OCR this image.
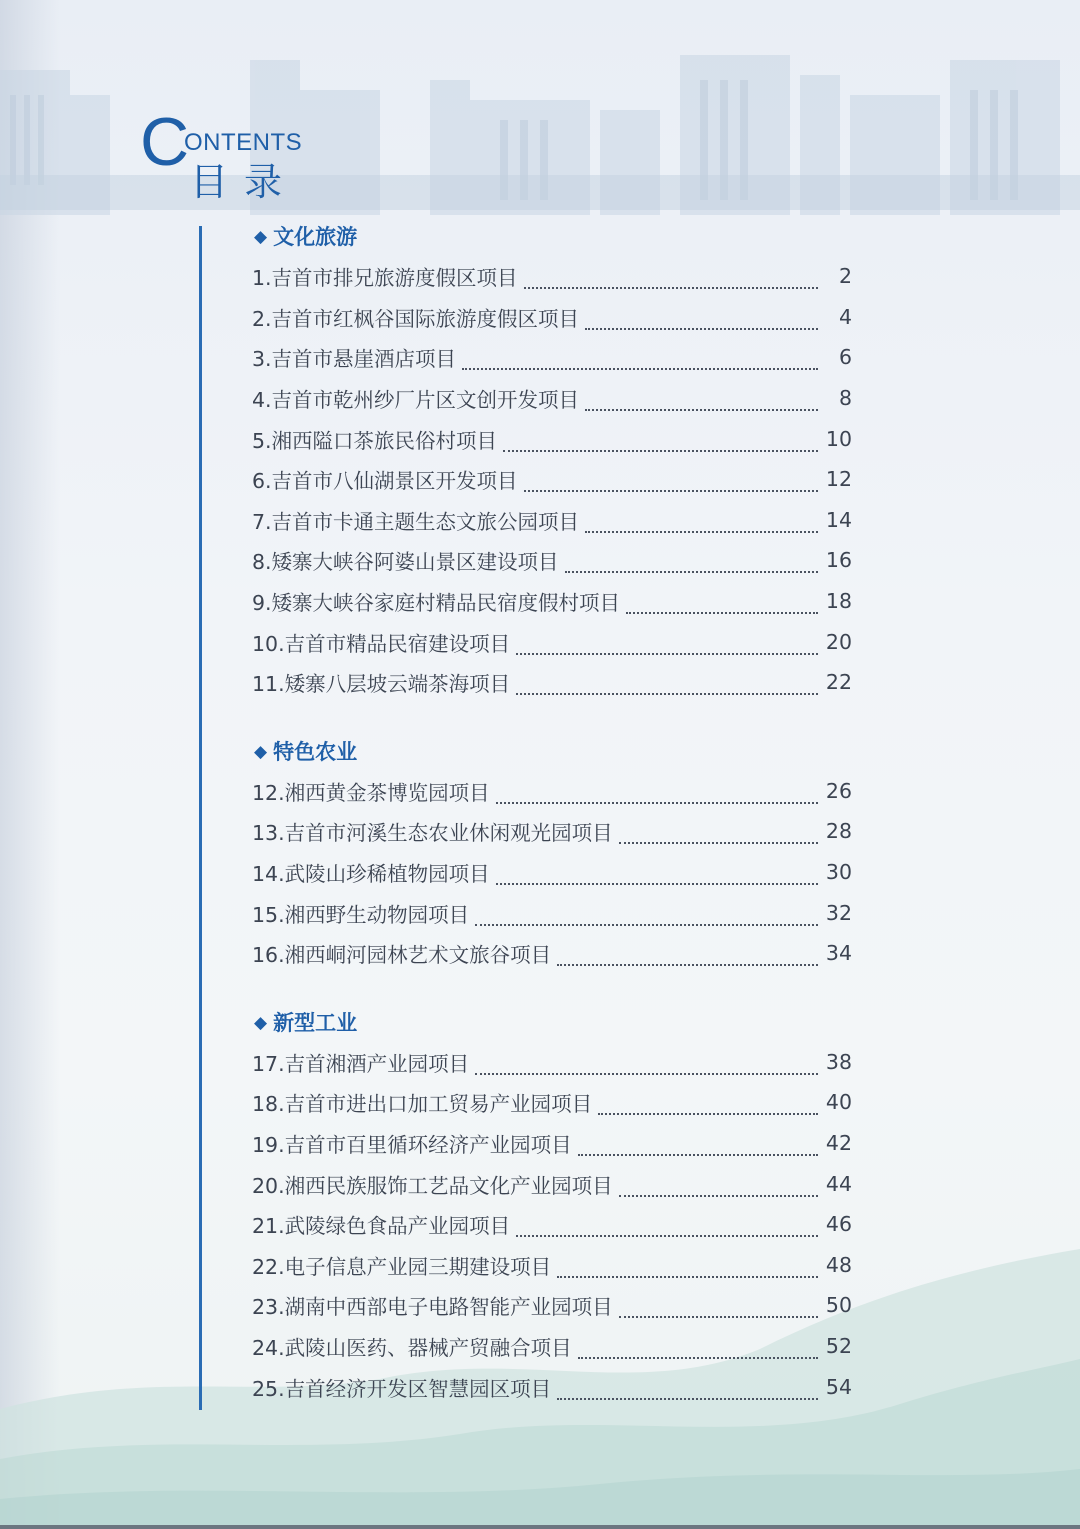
C
ONTENTS
目录
◆ 文化旅游
1.吉首市排兄旅游度假区项目	2
2.吉首市红枫谷国际旅游度假区项目	4
3.吉首市悬崖酒店项目	6
4.吉首市乾州纱厂片区文创开发项目	8
5.湘西隘口茶旅民俗村项目	10
6.吉首市八仙湖景区开发项目	12
7.吉首市卡通主题生态文旅公园项目	14
8.矮寨大峡谷阿婆山景区建设项目	16
9.矮寨大峡谷家庭村精品民宿度假村项目	18
10.吉首市精品民宿建设项目	20
11.矮寨八层坡云端茶海项目	22
◆ 特色农业
12.湘西黄金茶博览园项目	26
13.吉首市河溪生态农业休闲观光园项目	28
14.武陵山珍稀植物园项目	30
15.湘西野生动物园项目	32
16.湘西峒河园林艺术文旅谷项目	34
◆ 新型工业
17.吉首湘酒产业园项目	38
18.吉首市进出口加工贸易产业园项目	40
19.吉首市百里循环经济产业园项目	42
20.湘西民族服饰工艺品文化产业园项目	44
21.武陵绿色食品产业园项目	46
22.电子信息产业园三期建设项目	48
23.湖南中西部电子电路智能产业园项目	50
24.武陵山医药、器械产贸融合项目	52
25.吉首经济开发区智慧园区项目	54
